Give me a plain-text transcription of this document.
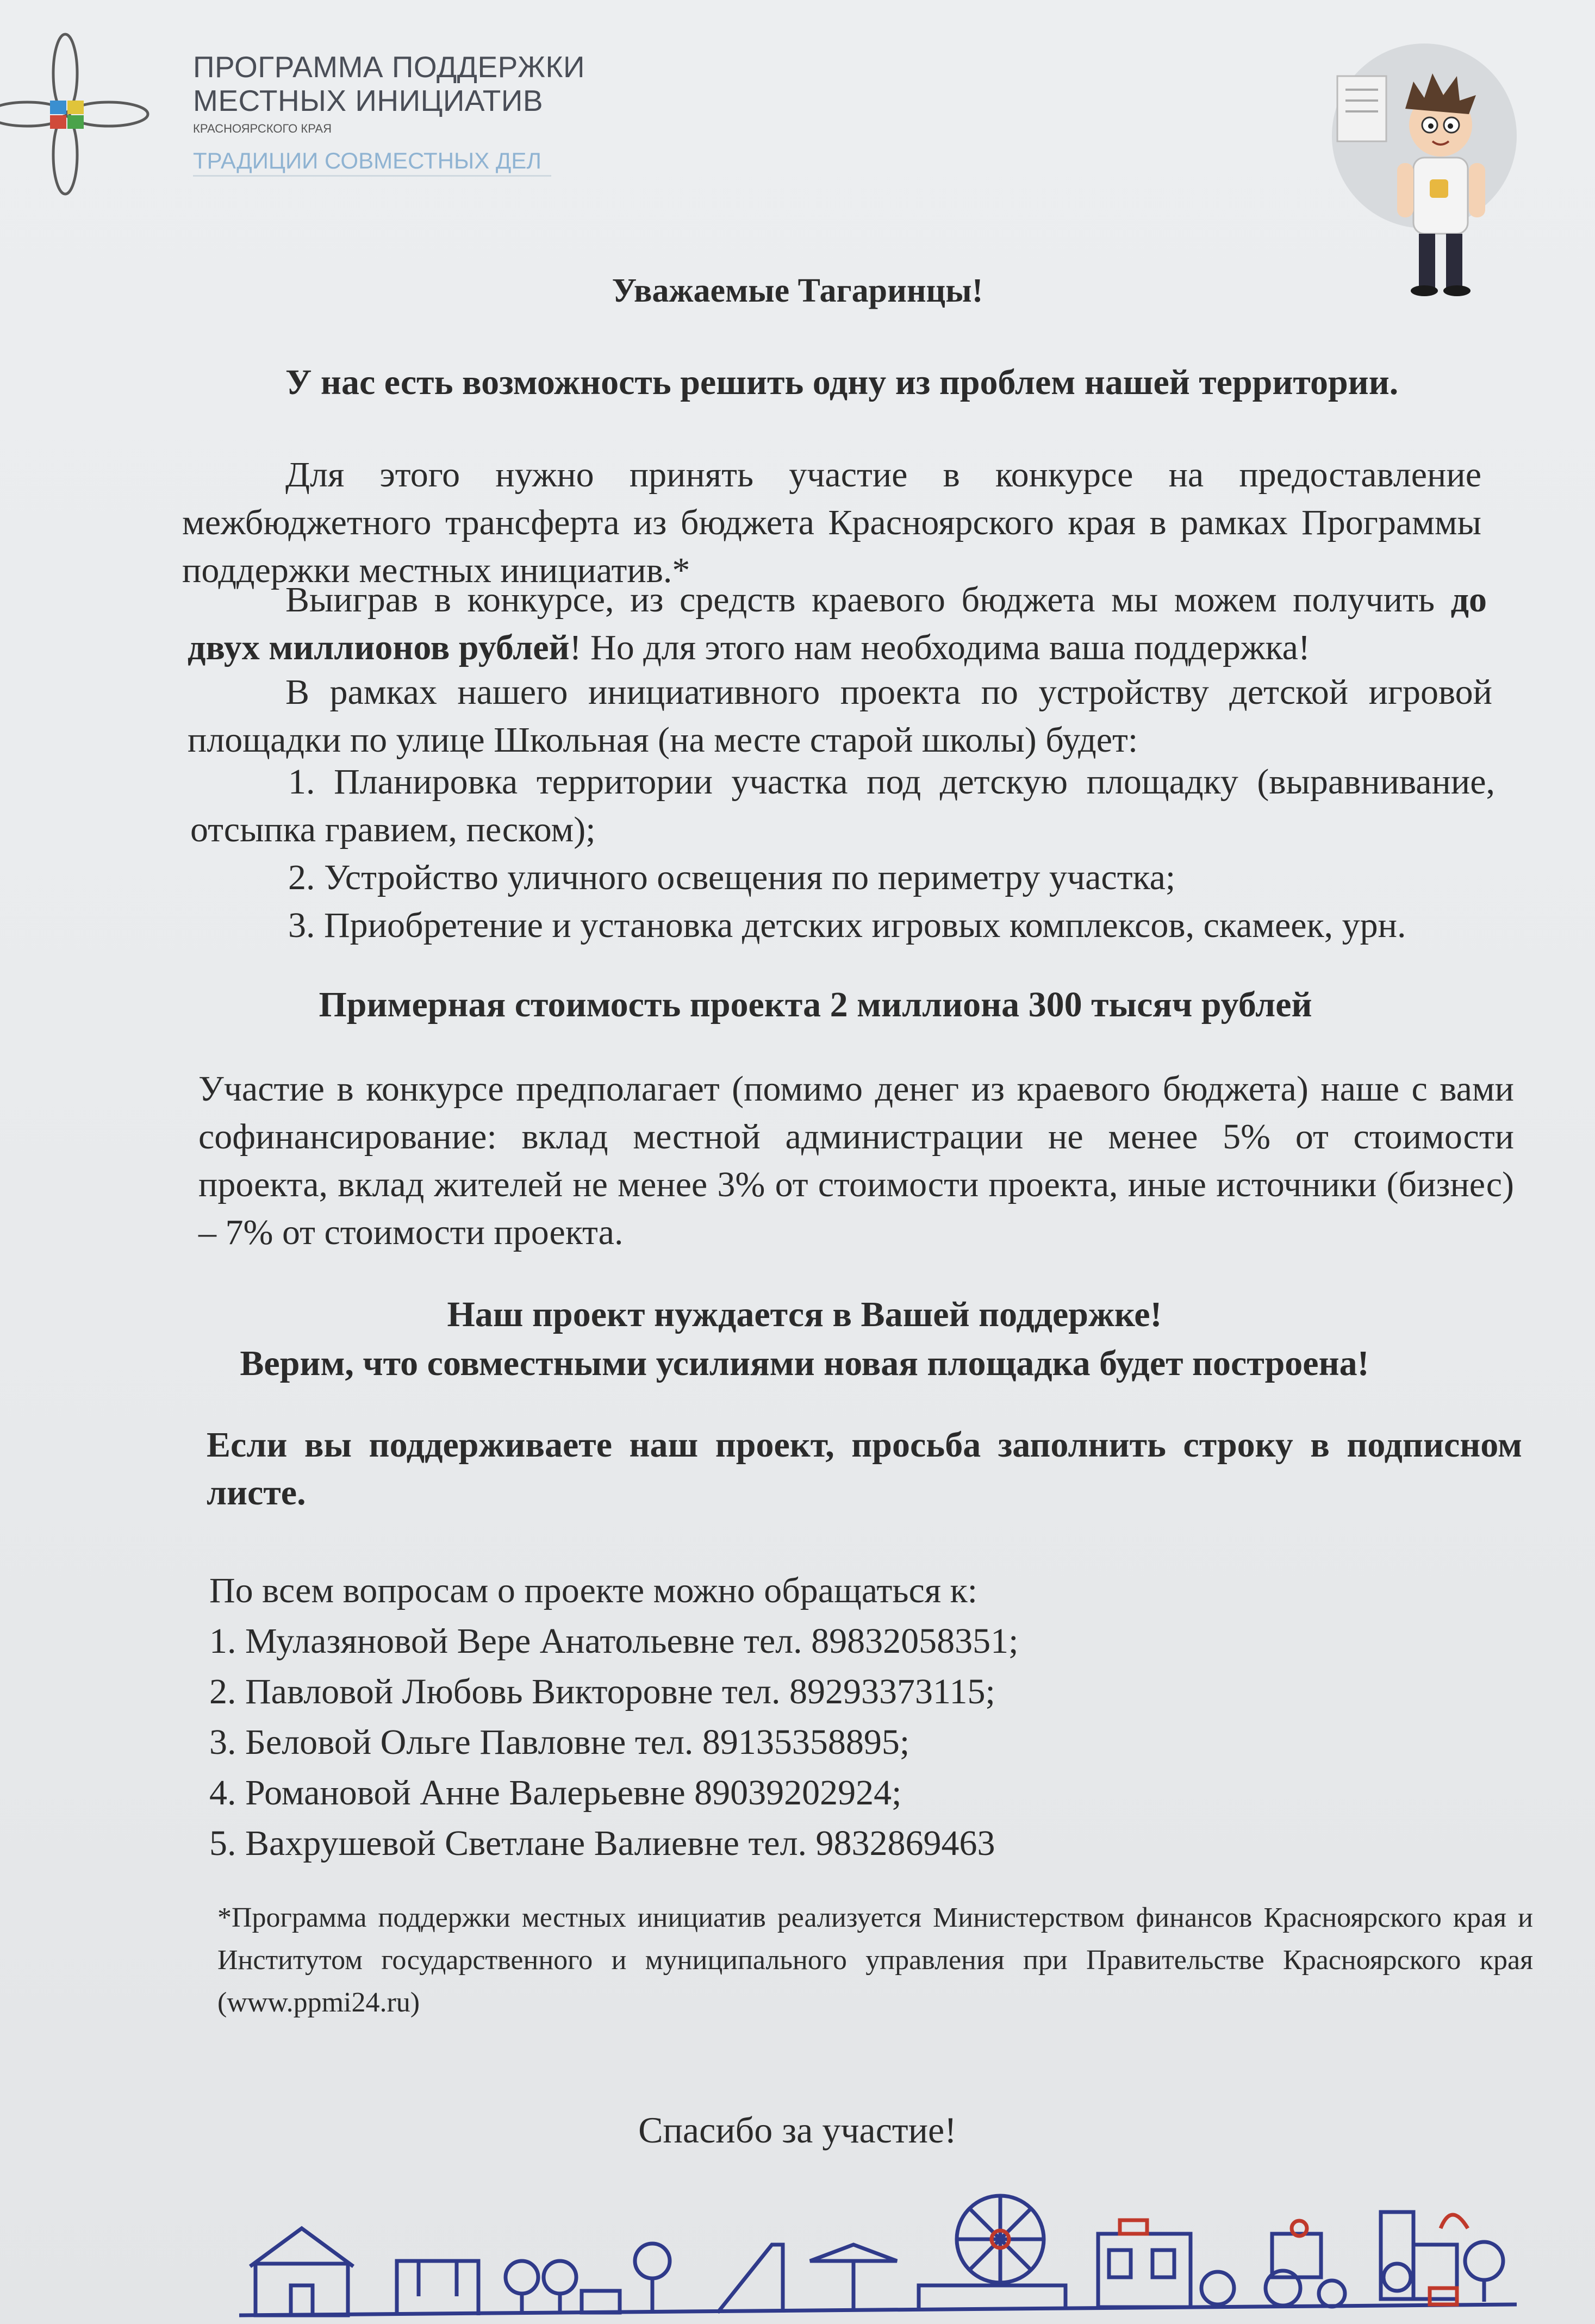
ПРОГРАММА ПОДДЕРЖКИ
МЕСТНЫХ ИНИЦИАТИВ
КРАСНОЯРСКОГО КРАЯ
ТРАДИЦИИ СОВМЕСТНЫХ ДЕЛ
Уважаемые Тагаринцы!
У нас есть возможность решить одну из проблем нашей территории.
Для этого нужно принять участие в конкурсе на предоставление межбюджетного трансферта из бюджета Красноярского края в рамках Программы поддержки местных инициатив.*
Выиграв в конкурсе, из средств краевого бюджета мы можем получить до двух миллионов рублей! Но для этого нам необходима ваша поддержка!
В рамках нашего инициативного проекта по устройству детской игровой площадки по улице Школьная (на месте старой школы) будет:
1. Планировка территории участка под детскую площадку (выравнивание, отсыпка гравием, песком);
2. Устройство уличного освещения по периметру участка;
3. Приобретение и установка детских игровых комплексов, скамеек, урн.
Примерная стоимость проекта 2 миллиона 300 тысяч рублей
Участие в конкурсе предполагает (помимо денег из краевого бюджета) наше с вами софинансирование: вклад местной администрации не менее 5% от стоимости проекта, вклад жителей не менее 3% от стоимости проекта, иные источники (бизнес) – 7% от стоимости проекта.
Наш проект нуждается в Вашей поддержке!
Верим, что совместными усилиями новая площадка будет построена!
Если вы поддерживаете наш проект, просьба заполнить строку в подписном листе.
По всем вопросам о проекте можно обращаться к:
1. Мулазяновой Вере Анатольевне тел. 89832058351;
2. Павловой Любовь Викторовне тел. 89293373115;
3. Беловой Ольге Павловне тел. 89135358895;
4. Романовой Анне Валерьевне 89039202924;
5. Вахрушевой Светлане Валиевне тел. 9832869463
*Программа поддержки местных инициатив реализуется Министерством финансов Красноярского края и Институтом государственного и муниципального управления при Правительстве Красноярского края (www.ppmi24.ru)
Спасибо за участие!
